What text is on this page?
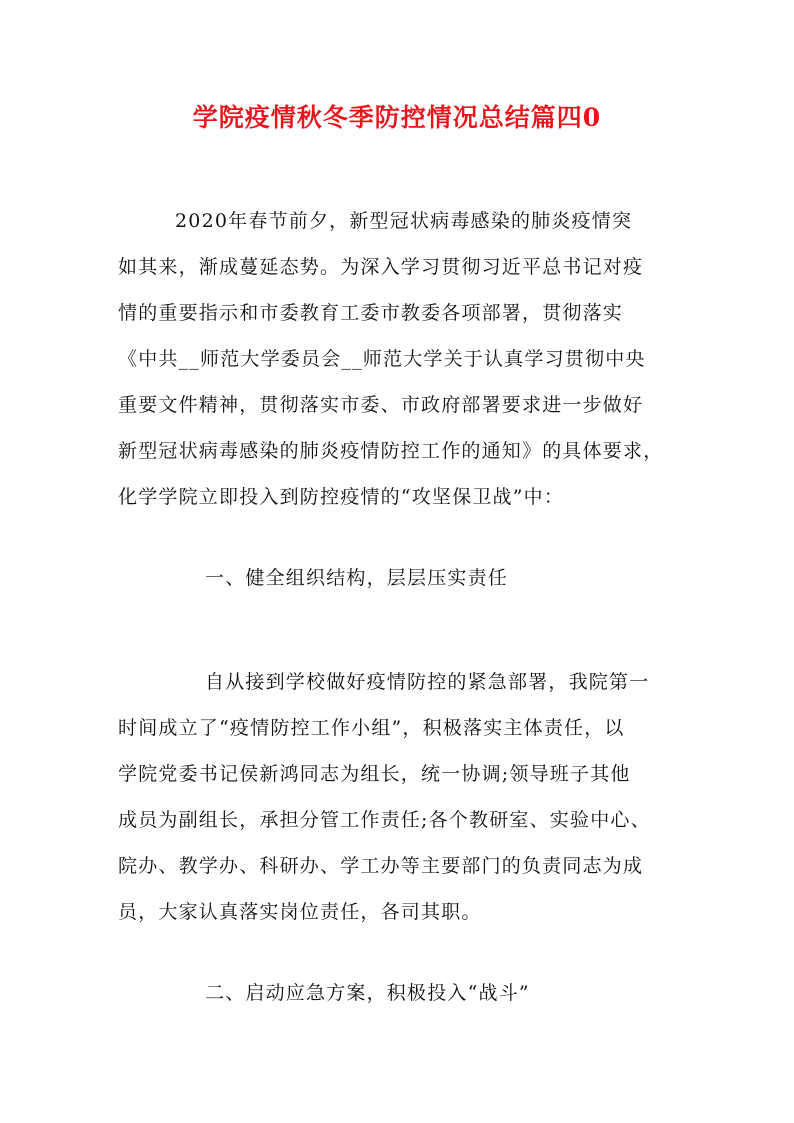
学院疫情秋冬季防控情况总结篇四0
2020年春节前夕，新型冠状病毒感染的肺炎疫情突
如其来，渐成蔓延态势。为深入学习贯彻习近平总书记对疫
情的重要指示和市委教育工委市教委各项部署，贯彻落实
《中共__师范大学委员会__师范大学关于认真学习贯彻中央
重要文件精神，贯彻落实市委、市政府部署要求进一步做好
新型冠状病毒感染的肺炎疫情防控工作的通知》的具体要求，
化学学院立即投入到防控疫情的“攻坚保卫战”中：
一、健全组织结构，层层压实责任
自从接到学校做好疫情防控的紧急部署，我院第一
时间成立了“疫情防控工作小组”，积极落实主体责任，以
学院党委书记侯新鸿同志为组长，统一协调;领导班子其他
成员为副组长，承担分管工作责任;各个教研室、实验中心、
院办、教学办、科研办、学工办等主要部门的负责同志为成
员，大家认真落实岗位责任，各司其职。
二、启动应急方案，积极投入“战斗”
